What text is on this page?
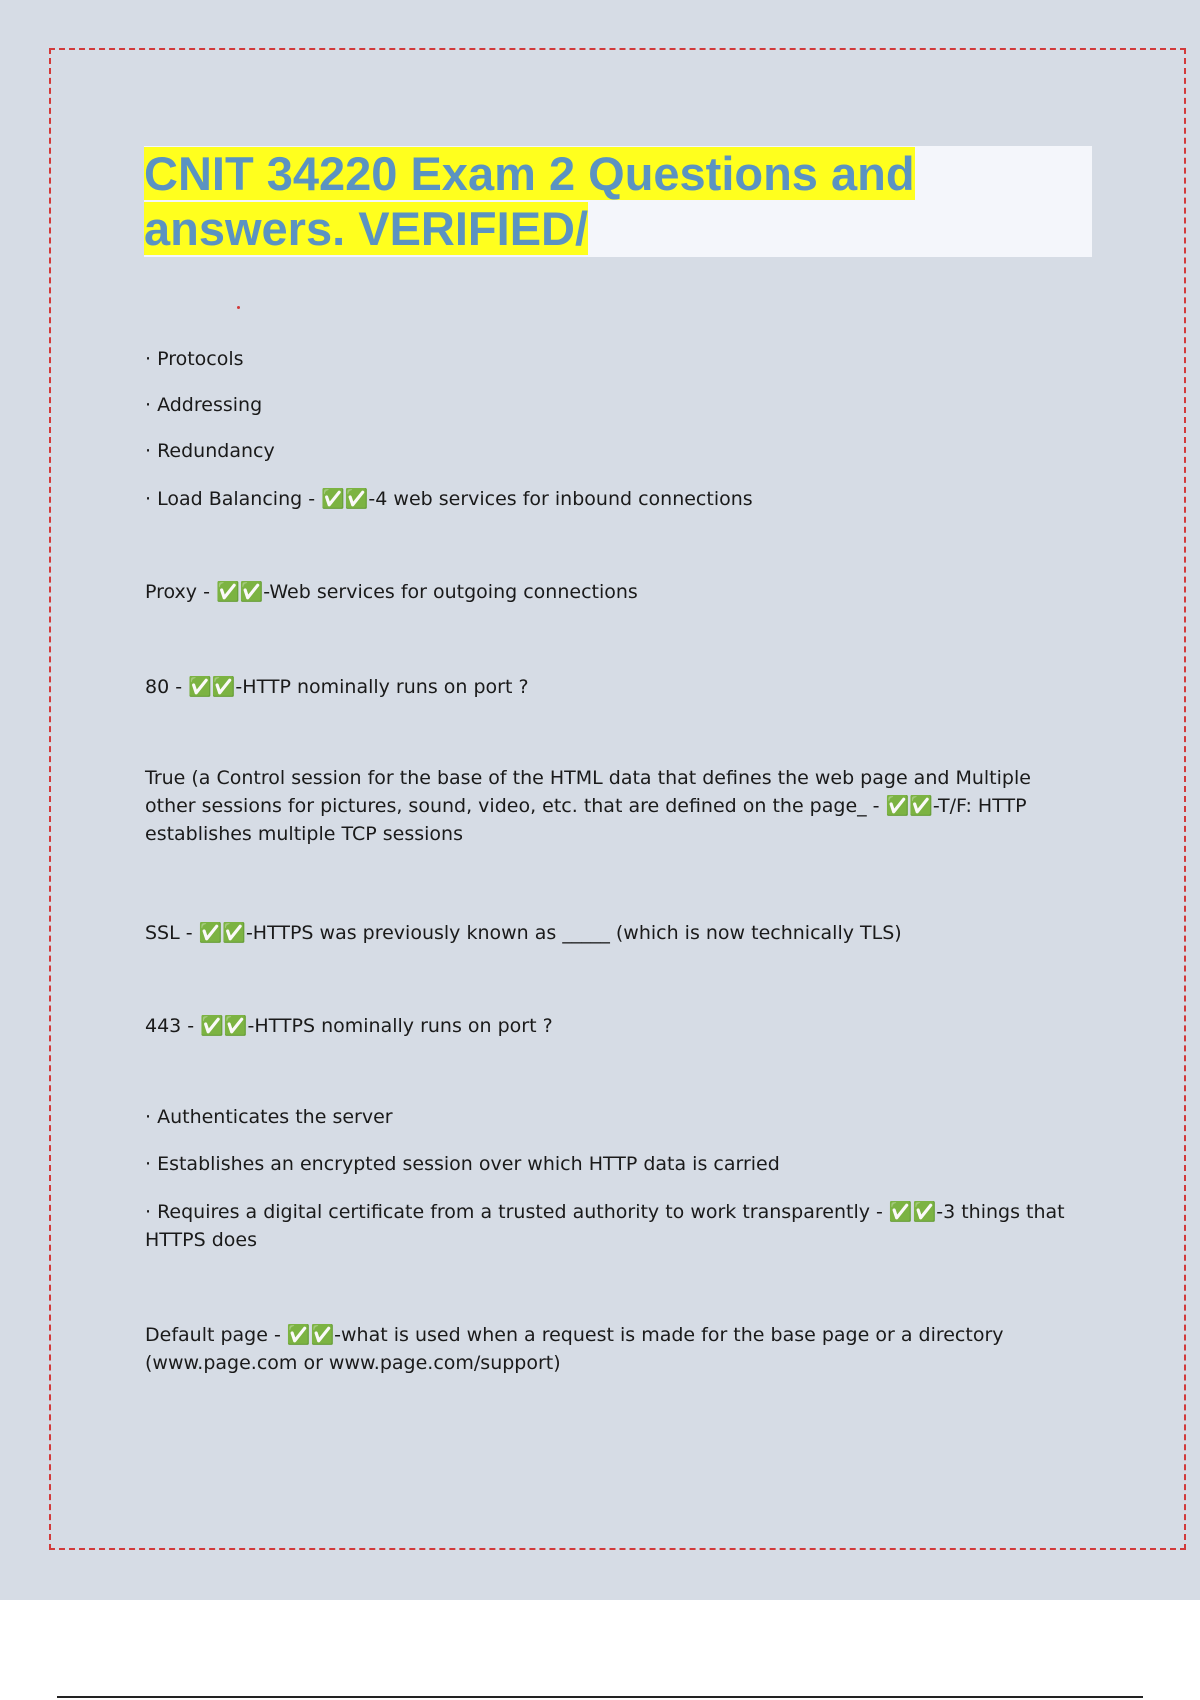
CNIT 34220 Exam 2 Questions and answers. VERIFIED/
· Protocols
· Addressing
· Redundancy
· Load Balancing - ✅✅-4 web services for inbound connections
Proxy - ✅✅-Web services for outgoing connections
80 - ✅✅-HTTP nominally runs on port ?
True (a Control session for the base of the HTML data that defines the web page and Multiple other sessions for pictures, sound, video, etc. that are defined on the page_ - ✅✅-T/F: HTTP establishes multiple TCP sessions
SSL - ✅✅-HTTPS was previously known as _____ (which is now technically TLS)
443 - ✅✅-HTTPS nominally runs on port ?
· Authenticates the server
· Establishes an encrypted session over which HTTP data is carried
· Requires a digital certificate from a trusted authority to work transparently - ✅✅-3 things that HTTPS does
Default page - ✅✅-what is used when a request is made for the base page or a directory (www.page.com or www.page.com/support)
